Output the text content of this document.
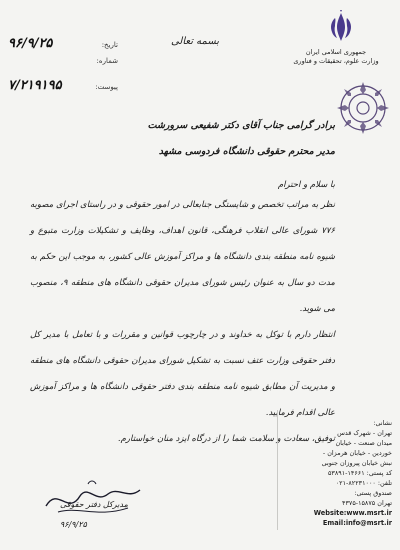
۹۶/۹/۲۵	تاریخ:
شماره:
۷/۲۱۹۱۹۵	پیوست:
بسمه تعالی
جمهوری اسلامی ایران
وزارت علوم، تحقیقات و فناوری
برادر گرامی جناب آقای دکتر شفیعی سرورشت
مدیر محترم حقوقی دانشگاه فردوسی مشهد
با سلام و احترام
نظر به مراتب تخصص و شایستگی جنابعالی در امور حقوقی و در راستای اجرای مصوبه ۷۷۶ شورای عالی انقلاب فرهنگی، قانون اهداف، وظایف و تشکیلات وزارت متبوع و شیوه نامه منطقه بندی دانشگاه ها و مراکز آموزش عالی کشور، به موجب این حکم به مدت دو سال به عنوان رئیس شورای مدیران حقوقی دانشگاه های منطقه ۹، منصوب می شوید.
انتظار دارم با توکل به خداوند و در چارچوب قوانین و مقررات و با تعامل با مدیر کل دفتر حقوقی وزارت عتف نسبت به تشکیل شورای مدیران حقوقی دانشگاه های منطقه و مدیریت آن مطابق شیوه نامه منطقه بندی دفتر حقوقی دانشگاه ها و مراکز آموزش عالی اقدام فرمایید.
توفیق، سعادت و سلامت شما را از درگاه ایزد منان خواستارم.
مدیرکل دفتر حقوقی
۹۶/۹/۲۵
نشانی:
تهران - شهرک قدس
میدان صنعت - خیابان
خوردین - خیابان هرمزان -
نبش خیابان پیروزان جنوبی
کد پستی: ۱۴۶۶۱-۵۳۸۹۱
تلفن: ۸۲۲۳۱۰۰۰-۰۲۱
صندوق پستی:
تهران ۱۵۸۷۵-۴۳۷۵
Website:www.msrt.ir
Email:info@msrt.ir
